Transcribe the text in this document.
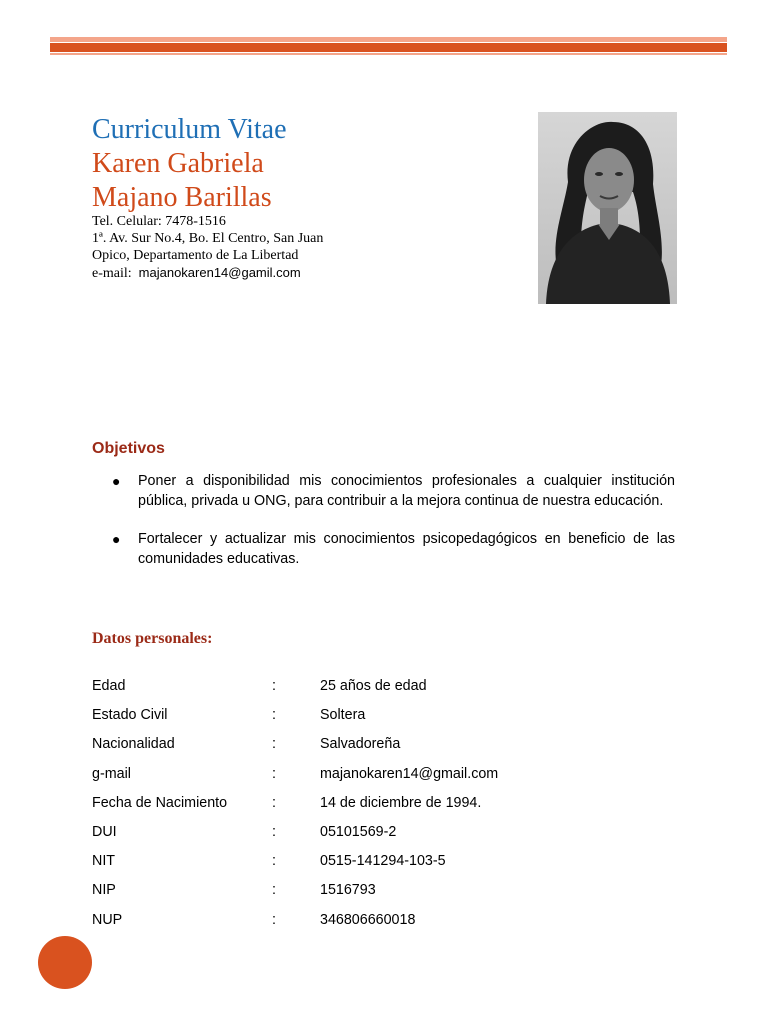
Curriculum Vitae
Karen Gabriela
Majano Barillas
Tel. Celular: 7478-1516
1ª. Av. Sur No.4, Bo. El Centro, San Juan
Opico, Departamento de La Libertad
e-mail: majanokaren14@gamil.com
Objetivos
● Poner a disponibilidad mis conocimientos profesionales a cualquier institución pública, privada u ONG, para contribuir a la mejora continua de nuestra educación.
● Fortalecer y actualizar mis conocimientos psicopedagógicos en beneficio de las comunidades educativas.
Datos personales:
Edad	:	25 años de edad
Estado Civil	:	Soltera
Nacionalidad	:	Salvadoreña
g-mail	:	majanokaren14@gmail.com
Fecha de Nacimiento	:	14 de diciembre de 1994.
DUI	:	05101569-2
NIT	:	0515-141294-103-5
NIP	:	1516793
NUP	:	346806660018
